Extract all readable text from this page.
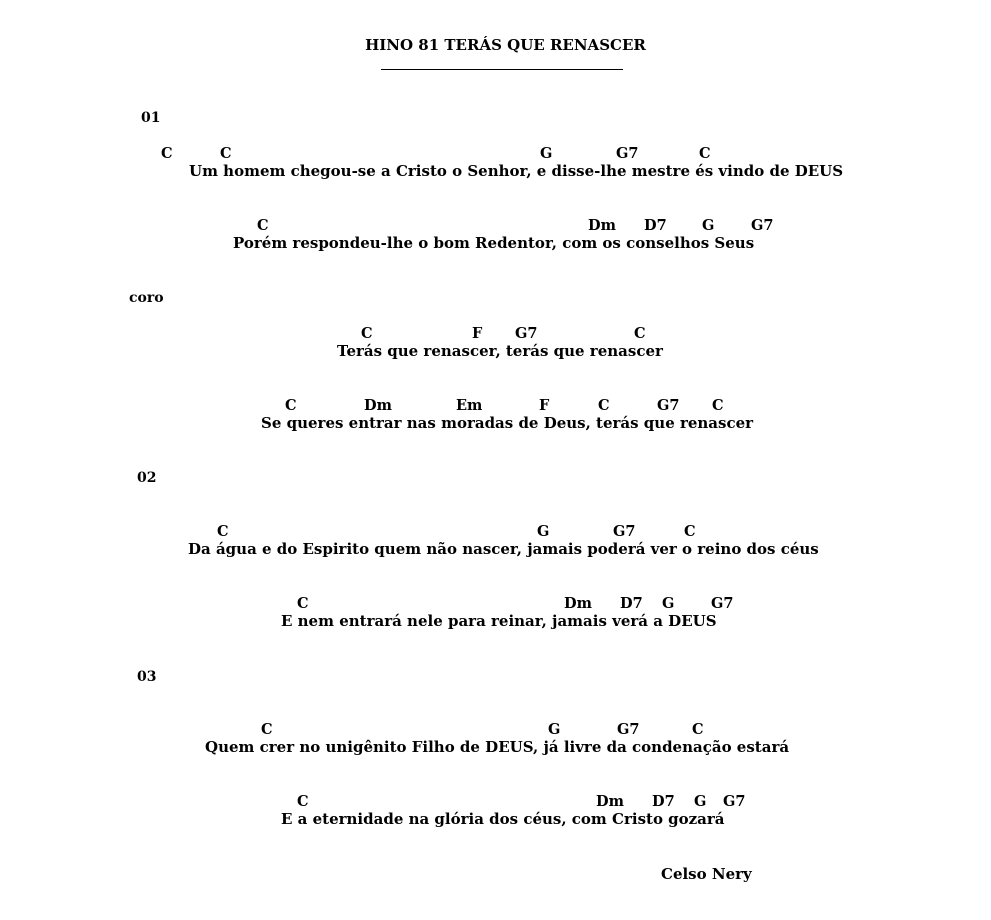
HINO 81 TERÁS QUE RENASCER
01
C	C	G	G7	C
Um homem chegou-se a Cristo o Senhor, e disse-lhe mestre és vindo de DEUS
C	Dm D7 G	G7
Porém respondeu-lhe o bom Redentor, com os conselhos Seus
coro
C	F G7	C
Terás que renascer, terás que renascer
C	Dm	Em	F	C	G7 C
Se queres entrar nas moradas de Deus, terás que renascer
02
C	G	G7	C
Da água e do Espirito quem não nascer, jamais poderá ver o reino dos céus
C	Dm D7 G	G7
E nem entrará nele para reinar, jamais verá a DEUS
03
C	G	G7	C
Quem crer no unigênito Filho de DEUS, já livre da condenação estará
C	Dm D7 G G7
E a eternidade na glória dos céus, com Cristo gozará
Celso Nery
